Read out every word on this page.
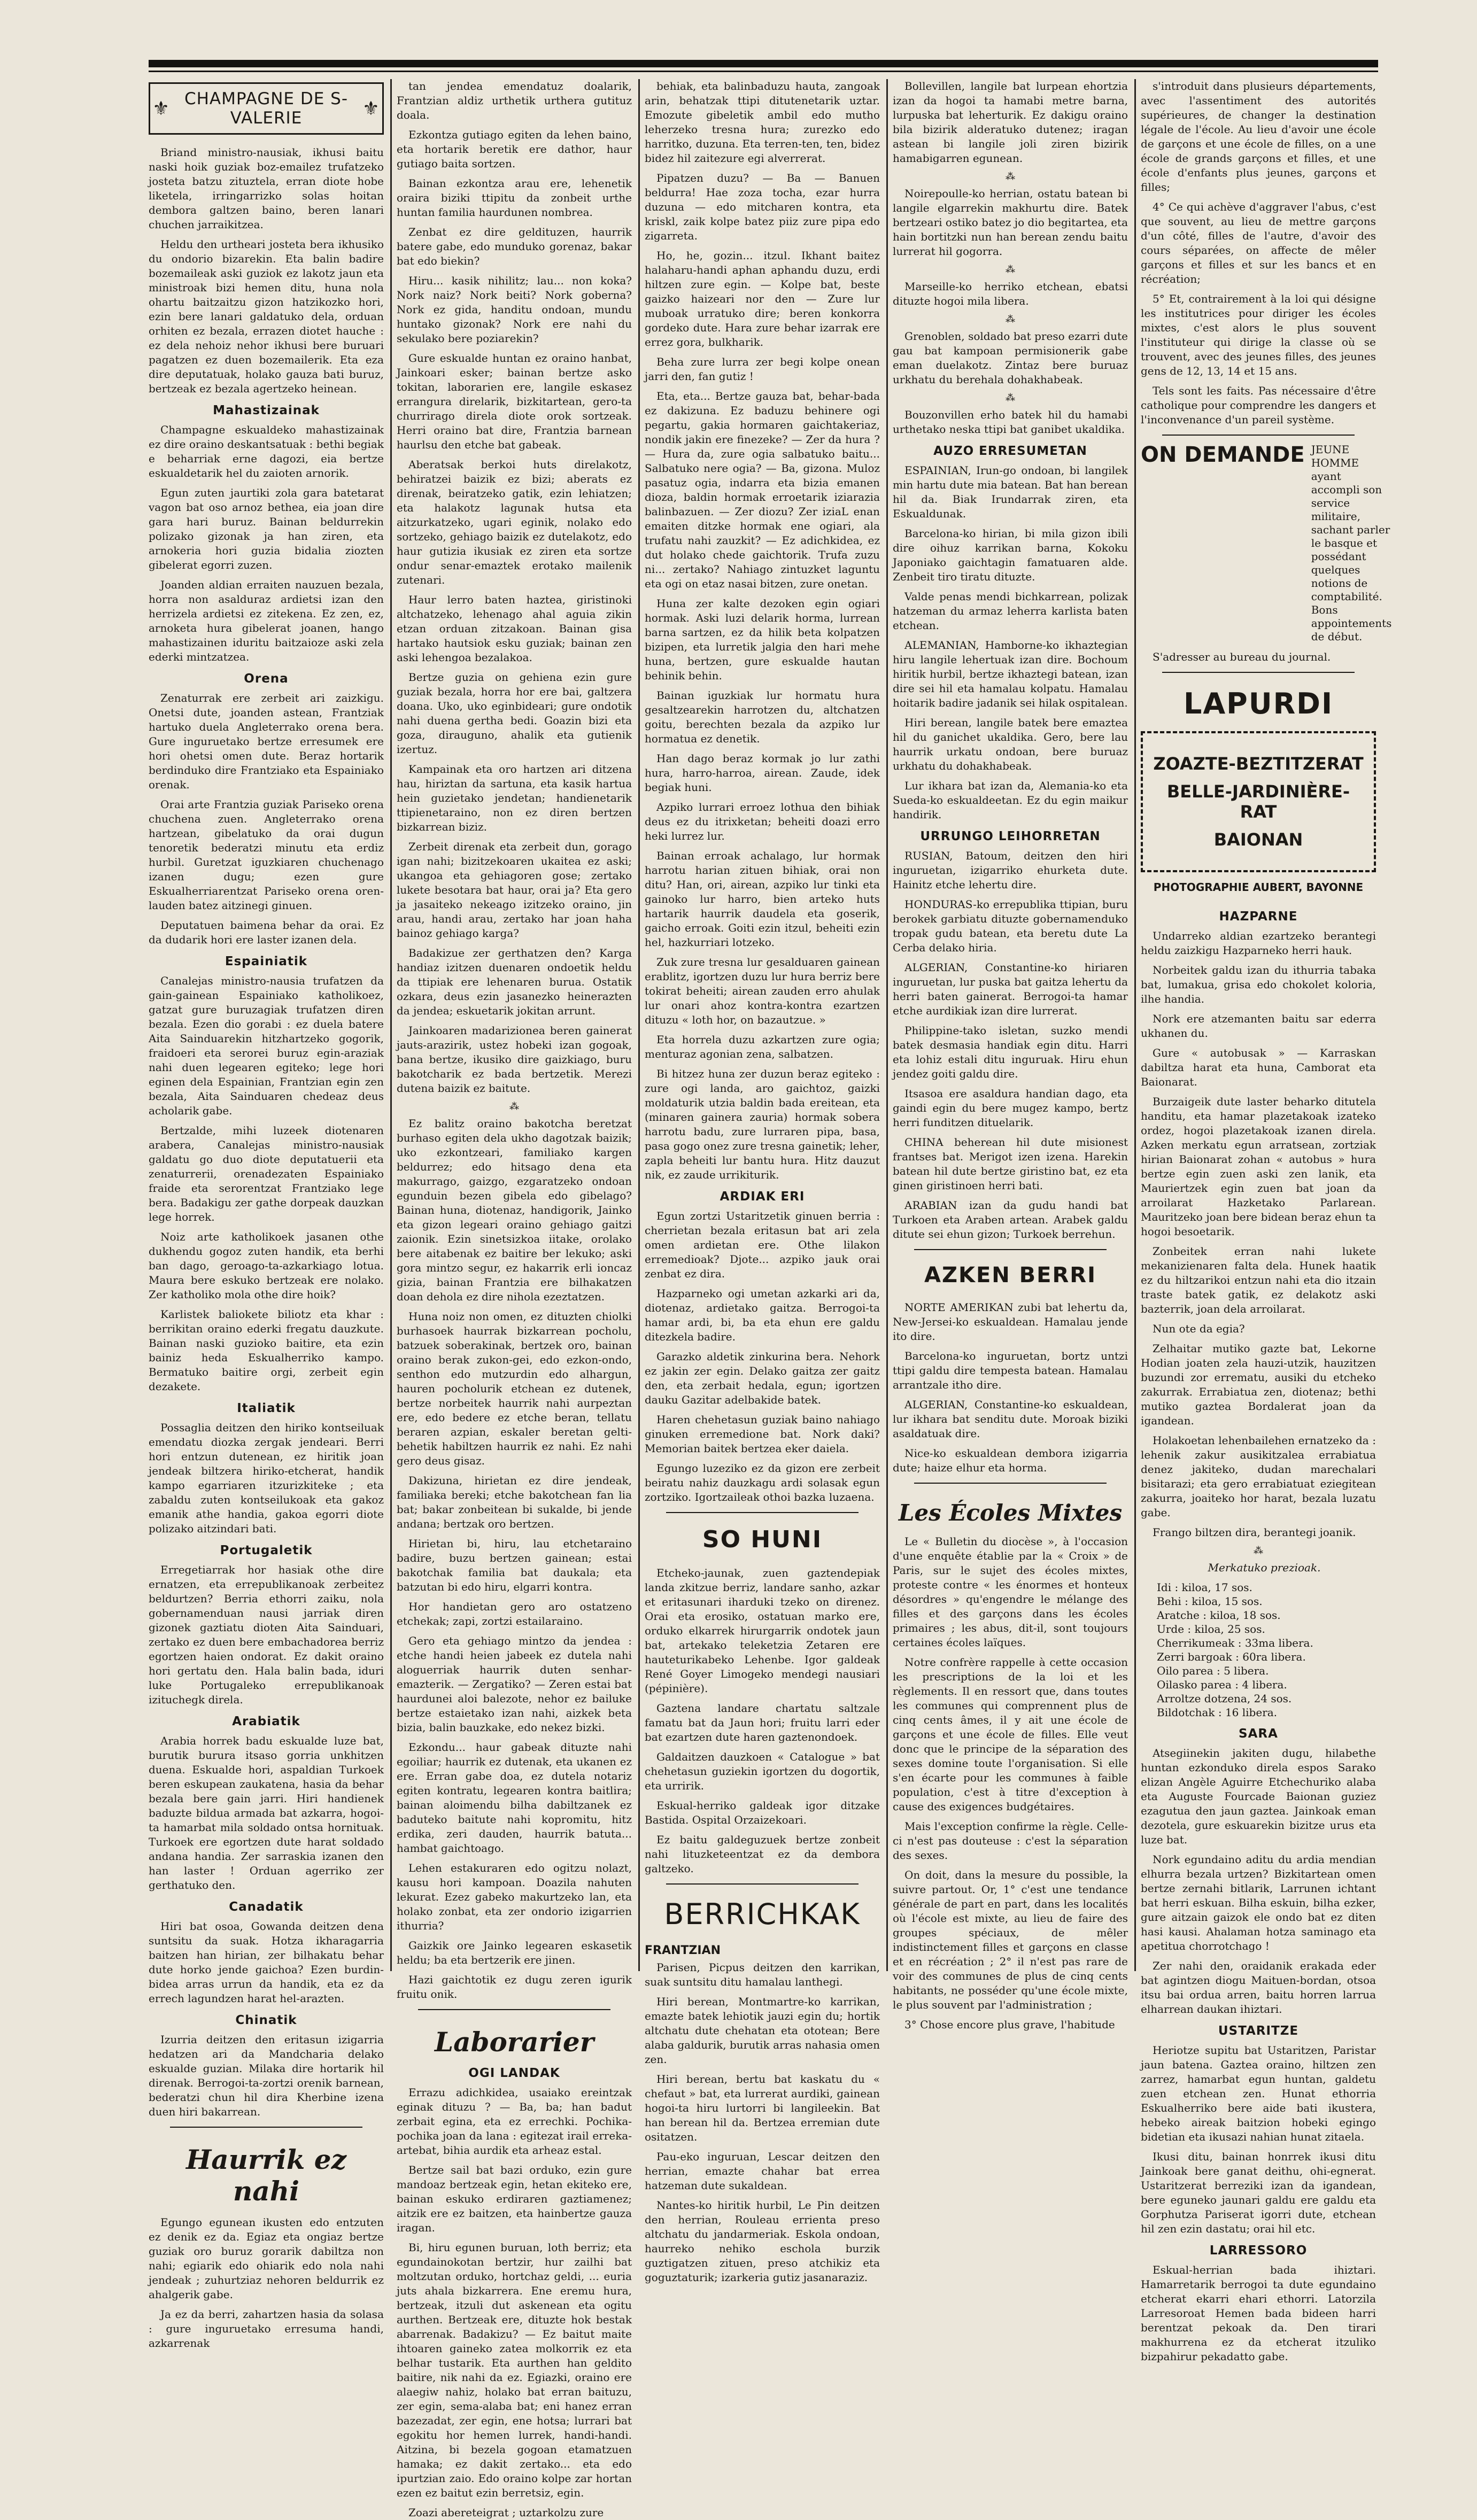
⚜ CHAMPAGNE DE S-VALERIE	⚜

Briand ministro-nausiak, ikhusi baitu naski hoik guziak boz-emailez trufatzeko josteta batzu zituztela, erran diote hobe liketela, irringarrizko solas hoitan dembora galtzen baino, beren lanari chuchen jarraikitzea.

Heldu den urtheari josteta bera ikhusiko du ondorio bizarekin. Eta balin badire bozemaileak aski guziok ez lakotz jaun eta ministroak bizi hemen ditu, huna nola ohartu baitzaitzu gizon hatzikozko hori, ezin bere lanari galdatuko dela, orduan orhiten ez bezala, errazen diotet hauche : ez dela nehoiz nehor ikhusi bere buruari pagatzen ez duen bozemailerik. Eta eza dire deputatuak, holako gauza bati buruz, bertzeak ez bezala agertzeko heinean.

Mahastizainak

Champagne eskualdeko mahastizainak ez dire oraino deskantsatuak : bethi begiak e beharriak erne dagozi, eia bertze eskualdetarik hel du zaioten arnorik.

Egun zuten jaurtiki zola gara batetarat vagon bat oso arnoz bethea, eia joan dire gara hari buruz. Bainan beldurrekin polizako gizonak ja han ziren, eta arnokeria hori guzia bidalia ziozten gibelerat egorri zuzen.

Joanden aldian erraiten nauzuen bezala, horra non asalduraz ardietsi izan den herrizela ardietsi ez zitekena. Ez zen, ez, arnoketa hura gibelerat joanen, hango mahastizainen iduritu baitzaioze aski zela ederki mintzatzea.

Orena

Zenaturrak ere zerbeit ari zaizkigu. Onetsi dute, joanden astean, Frantziak hartuko duela Angleterrako orena bera. Gure inguruetako bertze erresumek ere hori ohetsi omen dute. Beraz hortarik berdinduko dire Frantziako eta Espainiako orenak.

Orai arte Frantzia guziak Pariseko orena chuchena zuen. Angleterrako orena hartzean, gibelatuko da orai dugun tenoretik bederatzi minutu eta erdiz hurbil. Guretzat iguzkiaren chuchenago izanen dugu; ezen gure Eskualherriarentzat Pariseko orena oren-lauden batez aitzinegi ginuen.

Deputatuen baimena behar da orai. Ez da dudarik hori ere laster izanen dela.

Espainiatik

Canalejas ministro-nausia trufatzen da gain-gainean Espainiako katholikoez, gatzat gure buruzagiak trufatzen diren bezala. Ezen dio gorabi : ez duela batere Aita Sainduarekin hitzhartzeko gogorik, fraidoeri eta serorei buruz egin-araziak nahi duen legearen egiteko; lege hori eginen dela Espainian, Frantzian egin zen bezala, Aita Sainduaren chedeaz deus acholarik gabe.

Bertzalde, mihi luzeek diotenaren arabera, Canalejas ministro-nausiak galdatu go duo diote deputatuerii eta zenaturrerii, orenadezaten Espainiako fraide eta serorentzat Frantziako lege bera. Badakigu zer gathe dorpeak dauzkan lege horrek.

Noiz arte katholikoek jasanen othe dukhendu gogoz zuten handik, eta berhi ban dago, geroago-ta-azkarkiago lotua. Maura bere eskuko bertzeak ere nolako. Zer katholiko mola othe dire hoik?

Karlistek baliokete biliotz eta khar : berrikitan oraino ederki fregatu dauzkute. Bainan naski guzioko baitire, eta ezin bainiz heda Eskualherriko kampo. Bermatuko baitire orgi, zerbeit egin dezakete.

Italiatik

Possaglia deitzen den hiriko kontseiluak emendatu diozka zergak jendeari. Berri hori entzun dutenean, ez hiritik joan jendeak biltzera hiriko-etcherat, handik kampo egarriaren itzurizkiteke ; eta zabaldu zuten kontseilukoak eta gakoz emanik athe handia, gakoa egorri diote polizako aitzindari bati.

Portugaletik

Erregetiarrak hor hasiak othe dire ernatzen, eta errepublikanoak zerbeitez beldurtzen? Berria ethorri zaiku, nola gobernamenduan nausi jarriak diren gizonek gaztiatu dioten Aita Sainduari, zertako ez duen bere embachadorea berriz egortzen haien ondorat. Ez dakit oraino hori gertatu den. Hala balin bada, iduri luke Portugaleko errepublikanoak izituchegk direla.

Arabiatik

Arabia horrek badu eskualde luze bat, burutik burura itsaso gorria unkhitzen duena. Eskualde hori, aspaldian Turkoek beren eskupean zaukatena, hasia da behar bezala bere gain jarri. Hiri handienek baduzte bildua armada bat azkarra, hogoi-ta hamarbat mila soldado ontsa hornituak. Turkoek ere egortzen dute harat soldado andana handia. Zer sarraskia izanen den han laster ! Orduan agerriko zer gerthatuko den.

Canadatik

Hiri bat osoa, Gowanda deitzen dena suntsitu da suak. Hotza ikharagarria baitzen han hirian, zer bilhakatu behar dute horko jende gaichoa? Ezen burdin-bidea arras urrun da handik, eta ez da errech lagundzen harat hel-arazten.

Chinatik

Izurria deitzen den eritasun izigarria hedatzen ari da Mandcharia delako eskualde guzian. Milaka dire hortarik hil direnak. Berrogoi-ta-zortzi orenik barnean, bederatzi chun hil dira Kherbine izena duen hiri bakarrean.

Haurrik ez nahi

Egungo egunean ikusten edo entzuten ez denik ez da. Egiaz eta ongiaz bertze guziak oro buruz gorarik dabiltza non nahi; egiarik edo ohiarik edo nola nahi jendeak ; zuhurtziaz nehoren beldurrik ez ahalgerik gabe.

Ja ez da berri, zahartzen hasia da solasa : gure inguruetako erresuma handi, azkarrenak

tan jendea emendatuz doalarik, Frantzian aldiz urthetik urthera gutituz doala.

Ezkontza gutiago egiten da lehen baino, eta hortarik beretik ere dathor, haur gutiago baita sortzen.

Bainan ezkontza arau ere, lehenetik oraira biziki ttipitu da zonbeit urthe huntan familia haurdunen nombrea.

Zenbat ez dire geldituzen, haurrik batere gabe, edo munduko gorenaz, bakar bat edo biekin?

Hiru... kasik nihilitz; lau... non koka? Nork naiz? Nork beiti? Nork goberna? Nork ez gida, handitu ondoan, mundu huntako gizonak? Nork ere nahi du sekulako bere poziarekin?

Gure eskualde huntan ez oraino hanbat, Jainkoari esker; bainan bertze asko tokitan, laborarien ere, langile eskasez errangura direlarik, bizkitartean, gero-ta churrirago direla diote orok sortzeak. Herri oraino bat dire, Frantzia barnean haurlsu den etche bat gabeak.

Aberatsak berkoi huts direlakotz, behiratzei baizik ez bizi; aberats ez direnak, beiratzeko gatik, ezin lehiatzen; eta halakotz lagunak hutsa eta aitzurkatzeko, ugari eginik, nolako edo sortzeko, gehiago baizik ez dutelakotz, edo haur gutizia ikusiak ez ziren eta sortze ondur senar-emaztek erotako mailenik zutenari.

Haur lerro baten haztea, giristinoki altchatzeko, lehenago ahal aguia zikin etzan orduan zitzakoan. Bainan gisa hartako hautsiok esku guziak; bainan zen aski lehengoa bezalakoa.

Bertze guzia on gehiena ezin gure guziak bezala, horra hor ere bai, galtzera doana. Uko, uko eginbideari; gure ondotik nahi duena gertha bedi. Goazin bizi eta goza, dirauguno, ahalik eta gutienik izertuz.

Kampainak eta oro hartzen ari ditzena hau, hiriztan da sartuna, eta kasik hartua hein guzietako jendetan; handienetarik ttipienetaraino, non ez diren bertzen bizkarrean biziz.

Zerbeit direnak eta zerbeit dun, gorago igan nahi; bizitzekoaren ukaitea ez aski; ukangoa eta gehiagoren gose; zertako lukete besotara bat haur, orai ja? Eta gero ja jasaiteko nekeago izitzeko oraino, jin arau, handi arau, zertako har joan haha bainoz gehiago karga?

Badakizue zer gerthatzen den? Karga handiaz izitzen duenaren ondoetik heldu da ttipiak ere lehenaren burua. Ostatik ozkara, deus ezin jasanezko heinerazten da jendea; eskuetarik jokitan arrunt.

Jainkoaren madarizionea beren gainerat jauts-arazirik, ustez hobeki izan gogoak, bana bertze, ikusiko dire gaizkiago, buru bakotcharik ez bada bertzetik. Merezi dutena baizik ez baitute.

⁂

Ez balitz oraino bakotcha beretzat burhaso egiten dela ukho dagotzak baizik; uko ezkontzeari, familiako kargen beldurrez; edo hitsago dena eta makurrago, gaizgo, ezgaratzeko ondoan egunduin bezen gibela edo gibelago? Bainan huna, diotenaz, handigorik, Jainko eta gizon legeari oraino gehiago gaitzi zaionik. Ezin sinetsizkoa iitake, orolako bere aitabenak ez baitire ber lekuko; aski gora mintzo segur, ez hakarrik erli ioncaz gizia, bainan Frantzia ere bilhakatzen doan dehola ez dire nihola ezeztatzen.

Huna noiz non omen, ez dituzten chiolki burhasoek haurrak bizkarrean pocholu, batzuek soberakinak, bertzek oro, bainan oraino berak zukon-gei, edo ezkon-ondo, senthon edo mutzurdin edo alhargun, hauren pocholurik etchean ez dutenek, bertze norbeitek haurrik nahi aurpeztan ere, edo bedere ez etche beran, tellatu beraren azpian, eskaler beretan gelti-behetik habiltzen haurrik ez nahi. Ez nahi gero deus gisaz.

Dakizuna, hirietan ez dire jendeak, familiaka bereki; etche bakotchean fan lia bat; bakar zonbeitean bi sukalde, bi jende andana; bertzak oro bertzen.

Hirietan bi, hiru, lau etchetaraino badire, buzu bertzen gainean; estai bakotchak familia bat daukala; eta batzutan bi edo hiru, elgarri kontra.

Hor handietan gero aro ostatzeno etchekak; zapi, zortzi estailaraino.

Gero eta gehiago mintzo da jendea : etche handi heien jabeek ez dutela nahi aloguerriak haurrik duten senhar-emazterik. — Zergatiko? — Zeren estai bat haurdunei aloi balezote, nehor ez bailuke bertze estaietako izan nahi, aizkek beta bizia, balin bauzkake, edo nekez bizki.

Ezkondu... haur gabeak dituzte nahi egoiliar; haurrik ez dutenak, eta ukanen ez ere. Erran gabe doa, ez dutela notariz egiten kontratu, legearen kontra baitlira; bainan aloimendu bilha dabiltzanek ez baduteko baitute nahi kopromitu, hitz erdika, zeri dauden, haurrik batuta... hambat gaichtoago.

Lehen estakuraren edo ogitzu nolazt, kausu hori kampoan. Doazila nahuten lekurat. Ezez gabeko makurtzeko lan, eta holako zonbat, eta zer ondorio izigarrien ithurria?

Gaizkik ore Jainko legearen eskasetik heldu; ba eta bertzerik ere jinen.

Hazi gaichtotik ez dugu zeren igurik fruitu onik.

Laborarier
OGI LANDAK

Errazu adichkidea, usaiako ereintzak eginak dituzu ? — Ba, ba; han badut zerbait egina, eta ez errechki. Pochika-pochika joan da lana : egitezat irail erreka-artebat, bihia aurdik eta arheaz estal.

Bertze sail bat bazi orduko, ezin gure mandoaz bertzeak egin, hetan ekiteko ere, bainan eskuko erdiraren gaztiamenez; aitzik ere ez baitzen, eta hainbertze gauza iragan.

Bi, hiru egunen buruan, loth berriz; eta egundainokotan bertzir, hur zailhi bat moltzutan orduko, hortchaz geldi, ... euria juts ahala bizkarrera. Ene eremu hura, bertzeak, itzuli dut askenean eta ogitu aurthen. Bertzeak ere, dituzte hok bestak abarrenak. Badakizu? — Ez baitut maite ihtoaren gaineko zatea molkorrik ez eta belhar tustarik. Eta aurthen han geldito baitire, nik nahi da ez. Egiazki, oraino ere alaegiw nahiz, holako bat erran baituzu, zer egin, sema-alaba bat; eni hanez erran bazezadat, zer egin, ene hotsa; lurrari bat egokitu hor hemen lurrek, handi-handi. Aitzina, bi bezela gogoan etamatzuen hamaka; ez dakit zertako... eta edo ipurtzian zaio. Edo oraino kolpe zar hortan ezen ez baitut ezin berretsiz, egin.

Zoazi abereteigrat ; uztarkolzu zure

behiak, eta balinbaduzu hauta, zangoak arin, behatzak ttipi ditutenetarik uztar. Emozute gibeletik ambil edo mutho leherzeko tresna hura; zurezko edo harritko, duzuna. Eta terren-ten, ten, bidez bidez hil zaitezure egi alverrerat.

Pipatzen duzu? — Ba — Banuen beldurra! Hae zoza tocha, ezar hurra duzuna — edo mitcharen kontra, eta kriskl, zaik kolpe batez piiz zure pipa edo zigarreta.

Ho, he, gozin... itzul. Ikhant baitez halaharu-handi aphan aphandu duzu, erdi hiltzen zure egin. — Kolpe bat, beste gaizko haizeari nor den — Zure lur muboak urratuko dire; beren konkorra gordeko dute. Hara zure behar izarrak ere errez gora, bulkharik.

Beha zure lurra zer begi kolpe onean jarri den, fan gutiz !

Eta, eta... Bertze gauza bat, behar-bada ez dakizuna. Ez baduzu behinere ogi pegartu, gakia hormaren gaichtakeriaz, nondik jakin ere finezeke? — Zer da hura ? — Hura da, zure ogia salbatuko baitu... Salbatuko nere ogia? — Ba, gizona. Muloz pasatuz ogia, indarra eta bizia emanen dioza, baldin hormak erroetarik iziarazia balinbazuen. — Zer diozu? Zer iziaL enan emaiten ditzke hormak ene ogiari, ala trufatu nahi zauzkit? — Ez adichkidea, ez dut holako chede gaichtorik. Trufa zuzu ni... zertako? Nahiago zintuzket laguntu eta ogi on etaz nasai bitzen, zure onetan.

Huna zer kalte dezoken egin ogiari hormak. Aski luzi delarik horma, lurrean barna sartzen, ez da hilik beta kolpatzen bizipen, eta lurretik jalgia den hari mehe huna, bertzen, gure eskualde hautan behinik behin.

Bainan iguzkiak lur hormatu hura gesaltzearekin harrotzen du, altchatzen goitu, berechten bezala da azpiko lur hormatua ez denetik.

Han dago beraz kormak jo lur zathi hura, harro-harroa, airean. Zaude, idek begiak huni.

Azpiko lurrari erroez lothua den bihiak deus ez du itrixketan; beheiti doazi erro heki lurrez lur.

Bainan erroak achalago, lur hormak harrotu harian zituen bihiak, orai non ditu? Han, ori, airean, azpiko lur tinki eta gainoko lur harro, bien arteko huts hartarik haurrik daudela eta goserik, gaicho erroak. Goiti ezin itzul, beheiti ezin hel, hazkurriari lotzeko.

Zuk zure tresna lur gesalduaren gainean erablitz, igortzen duzu lur hura berriz bere tokirat beheiti; airean zauden erro ahulak lur onari ahoz kontra-kontra ezartzen dituzu « loth hor, on bazautzue. »

Eta horrela duzu azkartzen zure ogia; menturaz agonian zena, salbatzen.

Bi hitzez huna zer duzun beraz egiteko : zure ogi landa, aro gaichtoz, gaizki moldaturik utzia baldin bada ereitean, eta (minaren gainera zauria) hormak sobera harrotu badu, zure lurraren pipa, basa, pasa gogo onez zure tresna gainetik; leher, zapla beheiti lur bantu hura. Hitz dauzut nik, ez zaude urrikiturik.

ARDIAK ERI

Egun zortzi Ustaritzetik ginuen berria : cherrietan bezala eritasun bat ari zela omen ardietan ere. Othe lilakon erremedioak? Djote... azpiko jauk orai zenbat ez dira.

Hazparneko ogi umetan azkarki ari da, diotenaz, ardietako gaitza. Berrogoi-ta hamar ardi, bi, ba eta ehun ere galdu ditezkela badire.

Garazko aldetik zinkurina bera. Nehork ez jakin zer egin. Delako gaitza zer gaitz den, eta zerbait hedala, egun; igortzen dauku Gazitar adelbakide batek.

Haren chehetasun guziak baino nahiago ginuken erremedione bat. Nork daki? Memorian baitek bertzea eker daiela.

Egungo luzeziko ez da gizon ere zerbeit beiratu nahiz dauzkagu ardi solasak egun zortziko. Igortzaileak othoi bazka luzaena.

SO HUNI

Etcheko-jaunak, zuen gaztendepiak landa zkitzue berriz, landare sanho, azkar et eritasunari iharduki tzeko on direnez. Orai eta erosiko, ostatuan marko ere, orduko elkarrek hirurgarrik ondotek jaun bat, artekako teleketzia Zetaren ere hauteturikabeko Lehenbe. Igor galdeak René Goyer Limogeko mendegi nausiari (pépinière).

Gaztena landare chartatu saltzale famatu bat da Jaun hori; fruitu larri eder bat ezartzen dute haren gaztenondoek.

Galdaitzen dauzkoen « Catalogue » bat chehetasun guziekin igortzen du dogortik, eta urririk.

Eskual-herriko galdeak igor ditzake Bastida. Ospital Orzaizekoari.

Ez baitu galdeguzuek bertze zonbeit nahi lituzketeentzat ez da dembora galtzeko.

BERRICHKAK
FRANTZIAN

Parisen, Picpus deitzen den karrikan, suak suntsitu ditu hamalau lanthegi.

Hiri berean, Montmartre-ko karrikan, emazte batek lehiotik jauzi egin du; hortik altchatu dute chehatan eta ototean; Bere alaba galdurik, burutik arras nahasia omen zen.

Hiri berean, bertu bat kaskatu du « chefaut » bat, eta lurrerat aurdiki, gainean hogoi-ta hiru lurtorri bi langileekin. Bat han berean hil da. Bertzea erremian dute ositatzen.

Pau-eko inguruan, Lescar deitzen den herrian, emazte chahar bat errea hatzeman dute sukaldean.

Nantes-ko hiritik hurbil, Le Pin deitzen den herrian, Rouleau errienta preso altchatu du jandarmeriak. Eskola ondoan, haurreko nehiko eschola burzik guztigatzen zituen, preso atchikiz eta goguztaturik; izarkeria gutiz jasanaraziz.

Bollevillen, langile bat lurpean ehortzia izan da hogoi ta hamabi metre barna, lurpuska bat leherturik. Ez dakigu oraino bila bizirik alderatuko dutenez; iragan astean bi langile joli ziren bizirik hamabigarren egunean.

⁂

Noirepoulle-ko herrian, ostatu batean bi langile elgarrekin makhurtu dire. Batek bertzeari ostiko batez jo dio begitartea, eta hain bortitzki nun han berean zendu baitu lurrerat hil gogorra.

⁂

Marseille-ko herriko etchean, ebatsi dituzte hogoi mila libera.

⁂

Grenoblen, soldado bat preso ezarri dute gau bat kampoan permisionerik gabe eman duelakotz. Zintaz bere buruaz urkhatu du berehala dohakhabeak.

⁂

Bouzonvillen erho batek hil du hamabi urthetako neska ttipi bat ganibet ukaldika.

AUZO ERRESUMETAN

ESPAINIAN, Irun-go ondoan, bi langilek min hartu dute mia batean. Bat han berean hil da. Biak Irundarrak ziren, eta Eskualdunak.

Barcelona-ko hirian, bi mila gizon ibili dire oihuz karrikan barna, Kokoku Japoniako gaichtagin famatuaren alde. Zenbeit tiro tiratu dituzte.

Valde penas mendi bichkarrean, polizak hatzeman du armaz leherra karlista baten etchean.

ALEMANIAN, Hamborne-ko ikhaztegian hiru langile lehertuak izan dire. Bochoum hiritik hurbil, bertze ikhaztegi batean, izan dire sei hil eta hamalau kolpatu. Hamalau hoitarik badire jadanik sei hilak ospitalean.

Hiri berean, langile batek bere emaztea hil du ganichet ukaldika. Gero, bere lau haurrik urkatu ondoan, bere buruaz urkhatu du dohakhabeak.

Lur ikhara bat izan da, Alemania-ko eta Sueda-ko eskualdeetan. Ez du egin maikur handirik.

URRUNGO LEIHORRETAN

RUSIAN, Batoum, deitzen den hiri inguruetan, izigarriko ehurketa dute. Hainitz etche lehertu dire.

HONDURAS-ko errepublika ttipian, buru berokek garbiatu dituzte gobernamenduko tropak gudu batean, eta beretu dute La Cerba delako hiria.

ALGERIAN, Constantine-ko hiriaren inguruetan, lur puska bat gaitza lehertu da herri baten gainerat. Berrogoi-ta hamar etche aurdikiak izan dire lurrerat.

Philippine-tako isletan, suzko mendi batek desmasia handiak egin ditu. Harri eta lohiz estali ditu inguruak. Hiru ehun jendez goiti galdu dire.

Itsasoa ere asaldura handian dago, eta gaindi egin du bere mugez kampo, bertz herri funditzen dituelarik.

CHINA beherean hil dute misionest frantses bat. Merigot izen izena. Harekin batean hil dute bertze giristino bat, ez eta ginen giristinoen herri bati.

ARABIAN izan da gudu handi bat Turkoen eta Araben artean. Arabek galdu ditute sei ehun gizon; Turkoek berrehun.

AZKEN BERRI

NORTE AMERIKAN zubi bat lehertu da, New-Jersei-ko eskualdean. Hamalau jende ito dire.

Barcelona-ko inguruetan, bortz untzi ttipi galdu dire tempesta batean. Hamalau arrantzale itho dire.

ALGERIAN, Constantine-ko eskualdean, lur ikhara bat senditu dute. Moroak biziki asaldatuak dire.

Nice-ko eskualdean dembora izigarria dute; haize elhur eta horma.

Les Écoles Mixtes

Le « Bulletin du diocèse », à l'occasion d'une enquête établie par la « Croix » de Paris, sur le sujet des écoles mixtes, proteste contre « les énormes et honteux désordres » qu'engendre le mélange des filles et des garçons dans les écoles primaires ; les abus, dit-il, sont toujours certaines écoles laïques.

Notre confrère rappelle à cette occasion les prescriptions de la loi et les règlements. Il en ressort que, dans toutes les communes qui comprennent plus de cinq cents âmes, il y ait une école de garçons et une école de filles. Elle veut donc que le principe de la séparation des sexes domine toute l'organisation. Si elle s'en écarte pour les communes à faible population, c'est à titre d'exception à cause des exigences budgétaires.

Mais l'exception confirme la règle. Celle-ci n'est pas douteuse : c'est la séparation des sexes.

On doit, dans la mesure du possible, la suivre partout. Or, 1° c'est une tendance générale de part en part, dans les localités où l'école est mixte, au lieu de faire des groupes spéciaux, de mêler indistinctement filles et garçons en classe et en récréation ; 2° il n'est pas rare de voir des communes de plus de cinq cents habitants, ne posséder qu'une école mixte, le plus souvent par l'administration ;

3° Chose encore plus grave, l'habitude

s'introduit dans plusieurs départements, avec l'assentiment des autorités supérieures, de changer la destination légale de l'école. Au lieu d'avoir une école de garçons et une école de filles, on a une école de grands garçons et filles, et une école d'enfants plus jeunes, garçons et filles;

4° Ce qui achève d'aggraver l'abus, c'est que souvent, au lieu de mettre garçons d'un côté, filles de l'autre, d'avoir des cours séparées, on affecte de mêler garçons et filles et sur les bancs et en récréation;

5° Et, contrairement à la loi qui désigne les institutrices pour diriger les écoles mixtes, c'est alors le plus souvent l'instituteur qui dirige la classe où se trouvent, avec des jeunes filles, des jeunes gens de 12, 13, 14 et 15 ans.

Tels sont les faits. Pas nécessaire d'être catholique pour comprendre les dangers et l'inconvenance d'un pareil système.

ON DEMANDE JEUNE HOMME ayant accompli son service militaire, sachant parler le basque et possédant quelques notions de comptabilité. Bons appointements de début.

S'adresser au bureau du journal.

LAPURDI
ZOAZTE-BEZTITZERAT
BELLE-JARDINIÈRE-RAT
BAIONAN
PHOTOGRAPHIE AUBERT, BAYONNE
HAZPARNE

Undarreko aldian ezartzeko berantegi heldu zaizkigu Hazparneko herri hauk.

Norbeitek galdu izan du ithurria tabaka bat, lumakua, grisa edo chokolet koloria, ilhe handia.

Nork ere atzemanten baitu sar ederra ukhanen du.

Gure « autobusak » — Karraskan dabiltza harat eta huna, Camborat eta Baionarat.

Burzaigeik dute laster beharko ditutela handitu, eta hamar plazetakoak izateko ordez, hogoi plazetakoak izanen direla. Azken merkatu egun arratsean, zortziak hirian Baionarat zohan « autobus » hura bertze egin zuen aski zen lanik, eta Mauriertzek egin zuen bat joan da arroilarat Hazketako Parlarean. Mauritzeko joan bere bidean beraz ehun ta hogoi besoetarik.

Zonbeitek erran nahi lukete mekanizienaren falta dela. Hunek haatik ez du hiltzarikoi entzun nahi eta dio itzain traste batek gatik, ez delakotz aski bazterrik, joan dela arroilarat.

Nun ote da egia?

Zelhaitar mutiko gazte bat, Lekorne Hodian joaten zela hauzi-utzik, hauzitzen buzundi zor errematu, ausiki du etcheko zakurrak. Errabiatua zen, diotenaz; bethi mutiko gaztea Bordalerat joan da igandean.

Holakoetan lehenbailehen ernatzeko da : lehenik zakur ausikitzalea errabiatua denez jakiteko, dudan marechalari bisitarazi; eta gero errabiatuat eziegitean zakurra, joaiteko hor harat, bezala luzatu gabe.

Frango biltzen dira, berantegi joanik.

⁂

Merkatuko prezioak.

Idi : kiloa, 17 sos.
Behi : kiloa, 15 sos.
Aratche : kiloa, 18 sos.
Urde : kiloa, 25 sos.
Cherrikumeak : 33ma libera.
Zerri bargoak : 60ra libera.
Oilo parea : 5 libera.
Oilasko parea : 4 libera.
Arroltze dotzena, 24 sos.
Bildotchak : 16 libera.
SARA

Atsegiinekin jakiten dugu, hilabethe huntan ezkonduko direla espos Sarako elizan Angèle Aguirre Etchechuriko alaba eta Auguste Fourcade Baionan guziez ezagutua den jaun gaztea. Jainkoak eman dezotela, gure eskuarekin bizitze urus eta luze bat.

Nork egundaino aditu du ardia mendian elhurra bezala urtzen? Bizkitartean omen bertze zernahi bitlarik, Larrunen ichtant bat herri eskuan. Bilha eskuin, bilha ezker, gure aitzain gaizok ele ondo bat ez diten hasi kausi. Ahalaman hotza saminago eta apetitua chorrotchago !

Zer nahi den, oraidanik erakada eder bat agintzen diogu Maituen-bordan, otsoa itsu bai ordua arren, baitu horren larrua elharrean daukan ihiztari.

USTARITZE

Heriotze supitu bat Ustaritzen, Paristar jaun batena. Gaztea oraino, hiltzen zen zarrez, hamarbat egun huntan, galdetu zuen etchean zen. Hunat ethorria Eskualherriko bere aide bati ikustera, hebeko aireak baitzion hobeki egingo bidetian eta ikusazi nahian hunat zitaela.

Ikusi ditu, bainan honrrek ikusi ditu Jainkoak bere ganat deithu, ohi-egnerat. Ustaritzerat berreziki izan da igandean, bere eguneko jaunari galdu ere galdu eta Gorphutza Pariserat igorri dute, etchean hil zen ezin dastatu; orai hil etc.

LARRESSORO

Eskual-herrian bada ihiztari. Hamarretarik berrogoi ta dute egundaino etcherat ekarri ehari ethorri. Latorzila Larresoroat Hemen bada bideen harri berentzat pekoak da. Den tirari makhurrena ez da etcherat itzuliko bizpahirur pekadatto gabe.
